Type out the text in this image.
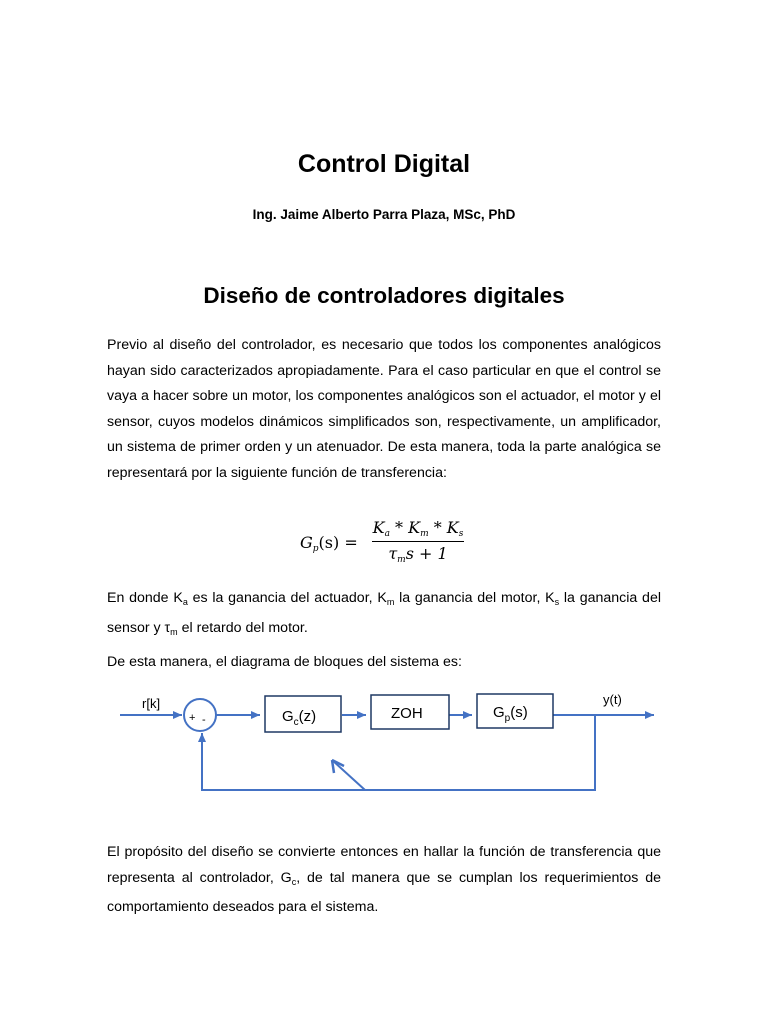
Control Digital
Ing. Jaime Alberto Parra Plaza, MSc, PhD
Diseño de controladores digitales
Previo al diseño del controlador, es necesario que todos los componentes analógicos hayan sido caracterizados apropiadamente. Para el caso particular en que el control se vaya a hacer sobre un motor, los componentes analógicos son el actuador, el motor y el sensor, cuyos modelos dinámicos simplificados son, respectivamente, un amplificador, un sistema de primer orden y un atenuador. De esta manera, toda la parte analógica se representará por la siguiente función de transferencia:
$G_p(s)$ =
$K_a * K_m * K_s$
$\tau_ms + 1$
En donde $K_a$ es la ganancia del actuador, $K_m$ la ganancia del motor, $K_s$ la ganancia del sensor y $\tau_m$ el retardo del motor.
De esta manera, el diagrama de bloques del sistema es:
r[k]	y(t)
+ -	$G_c(z)$	ZOH	$G_p(s)$
El propósito del diseño se convierte entonces en hallar la función de transferencia que representa al controlador, $G_c$, de tal manera que se cumplan los requerimientos de comportamiento deseados para el sistema.
